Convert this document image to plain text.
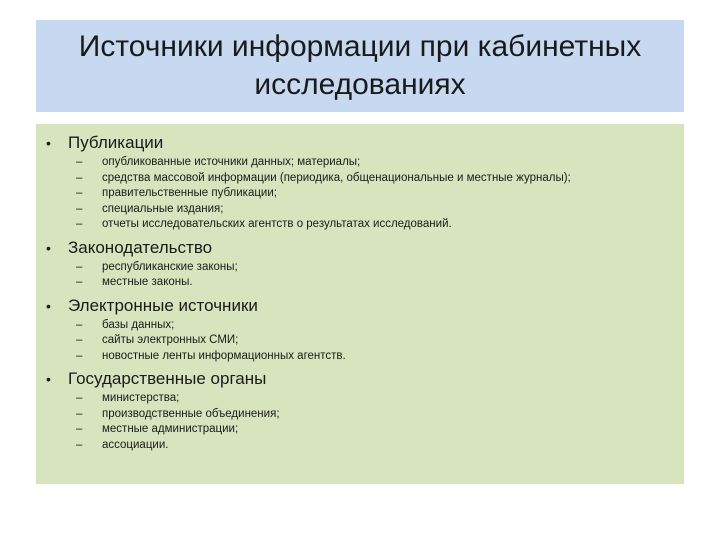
Источники информации при кабинетных исследованиях
•	Публикации
–	опубликованные источники данных; материалы;
–	средства массовой информации (периодика, общенациональные и местные журналы);
–	правительственные публикации;
–	специальные издания;
–	отчеты исследовательских агентств о результатах исследований.
•	Законодательство
–	республиканские законы;
–	местные законы.
•	Электронные источники
–	базы данных;
–	сайты электронных СМИ;
–	новостные ленты информационных агентств.
•	Государственные органы
–	министерства;
–	производственные объединения;
–	местные администрации;
–	ассоциации.
